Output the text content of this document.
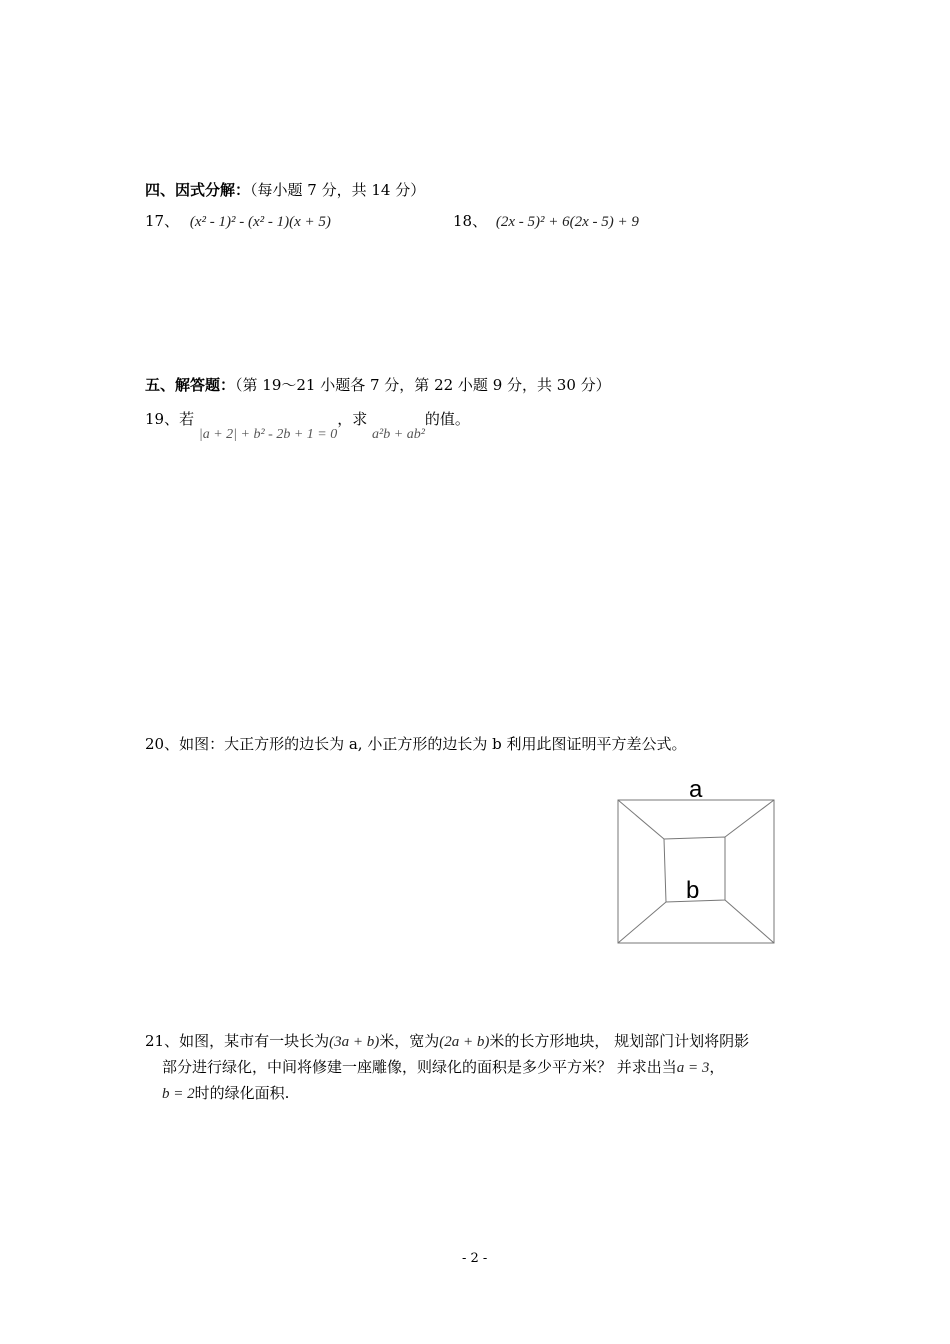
四、因式分解：（每小题 7 分，共 14 分）
17、 (x² - 1)² - (x² - 1)(x + 5)	18、 (2x - 5)² + 6(2x - 5) + 9
五、解答题：（第 19～21 小题各 7 分，第 22 小题 9 分，共 30 分）
19、若 |a + 2| + b² - 2b + 1 = 0，求 a²b + ab²的值。
20、如图：大正方形的边长为 a, 小正方形的边长为 b 利用此图证明平方差公式。
a
b
21、如图，某市有一块长为(3a + b)米，宽为(2a + b)米的长方形地块， 规划部门计划将阴影
部分进行绿化，中间将修建一座雕像，则绿化的面积是多少平方米？ 并求出当a = 3，
b = 2时的绿化面积.
- 2 -
